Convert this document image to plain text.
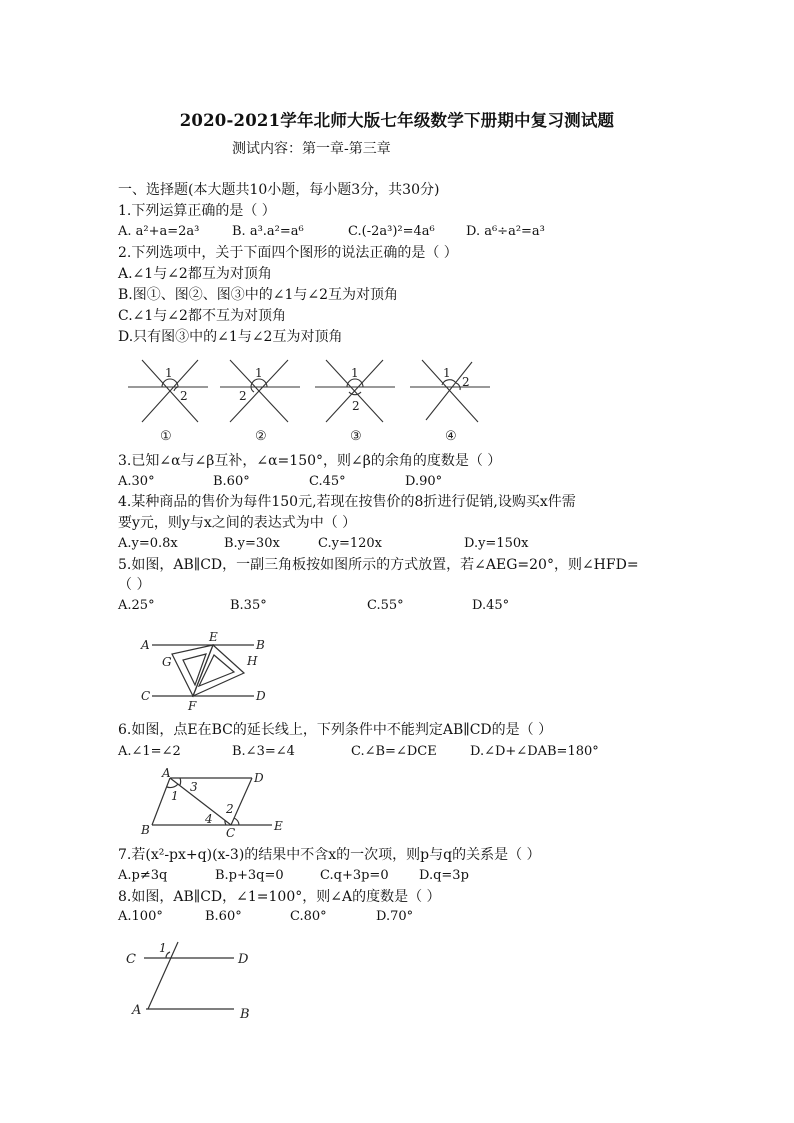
2020-2021学年北师大版七年级数学下册期中复习测试题
测试内容：第一章-第三章
一、选择题(本大题共10小题，每小题3分，共30分)
1.下列运算正确的是（ ）
A. a²+a=2a³	B. a³.a²=a⁶	C.(-2a³)²=4a⁶ D. a⁶÷a²=a³
2.下列选项中，关于下面四个图形的说法正确的是（ ）
A.∠1与∠2都互为对顶角
B.图①、图②、图③中的∠1与∠2互为对顶角
C.∠1与∠2都不互为对顶角
D.只有图③中的∠1与∠2互为对顶角
1
2
1
2
1
2
1
2
①	②	③	④
3.已知∠α与∠β互补，∠α=150°，则∠β的余角的度数是（ ）
A.30°	B.60°	C.45°	D.90°
4.某种商品的售价为每件150元,若现在按售价的8折进行促销,设购买x件需
要y元，则y与x之间的表达式为中（ ）
A.y=0.8x	B.y=30x	C.y=120x	D.y=150x
5.如图，AB∥CD，一副三角板按如图所示的方式放置，若∠AEG=20°，则∠HFD=
（ ）
A.25°	B.35°	C.55°	D.45°
A	B
C	D
E
F
G	H
6.如图，点E在BC的延长线上，下列条件中不能判定AB∥CD的是（ ）
A.∠1=∠2	B.∠3=∠4	C.∠B=∠DCE	D.∠D+∠DAB=180°
A	D
B	C	E
1
3
2
4
7.若(x²-px+q)(x-3)的结果中不含x的一次项，则p与q的关系是（ ）
A.p≠3q	B.p+3q=0	C.q+3p=0 D.q=3p
8.如图，AB∥CD，∠1=100°，则∠A的度数是（ ）
A.100°	B.60°	C.80°	D.70°
C	D
A	B
1
